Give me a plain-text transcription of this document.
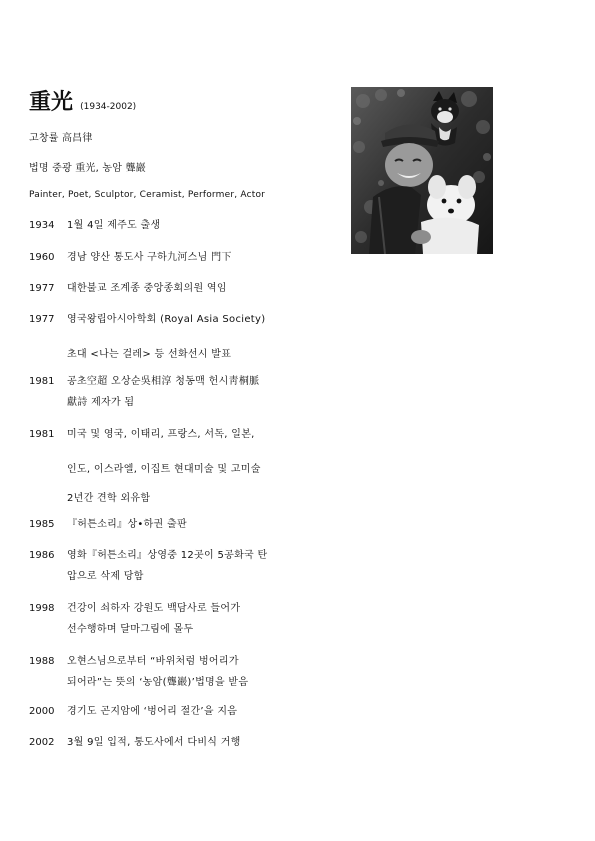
重光 (1934-2002)
고창률 高昌律
법명 중광 重光, 농암 聾巖
Painter, Poet, Sculptor, Ceramist, Performer, Actor
1934	1월 4일 제주도 출생
1960	경남 양산 통도사 구하九河스님 門下
1977	대한불교 조계종 중앙종회의원 역임
1977	영국왕립아시아학회 (Royal Asia Society)
초대 <나는 걸레> 등 선화선시 발표
1981	공초空超 오상순吳相淳 청동맥 헌시靑桐脈
獻詩 제자가 됨
1981	미국 및 영국, 이태리, 프랑스, 서독, 일본,
인도, 이스라엘, 이집트 현대미술 및 고미술
2년간 견학 외유함
1985	『허튼소리』상•하권 출판
1986	영화『허튼소리』상영중 12곳이 5공화국 탄
압으로 삭제 당함
1998	건강이 쇠하자 강원도 백담사로 들어가
선수행하며 달마그림에 몰두
1988	오현스님으로부터 “바위처럼 벙어리가
되어라”는 뜻의 ‘농암(聾巖)’법명을 받음
2000	경기도 곤지암에 ‘벙어리 절간’을 지음
2002	3월 9일 입적, 통도사에서 다비식 거행
